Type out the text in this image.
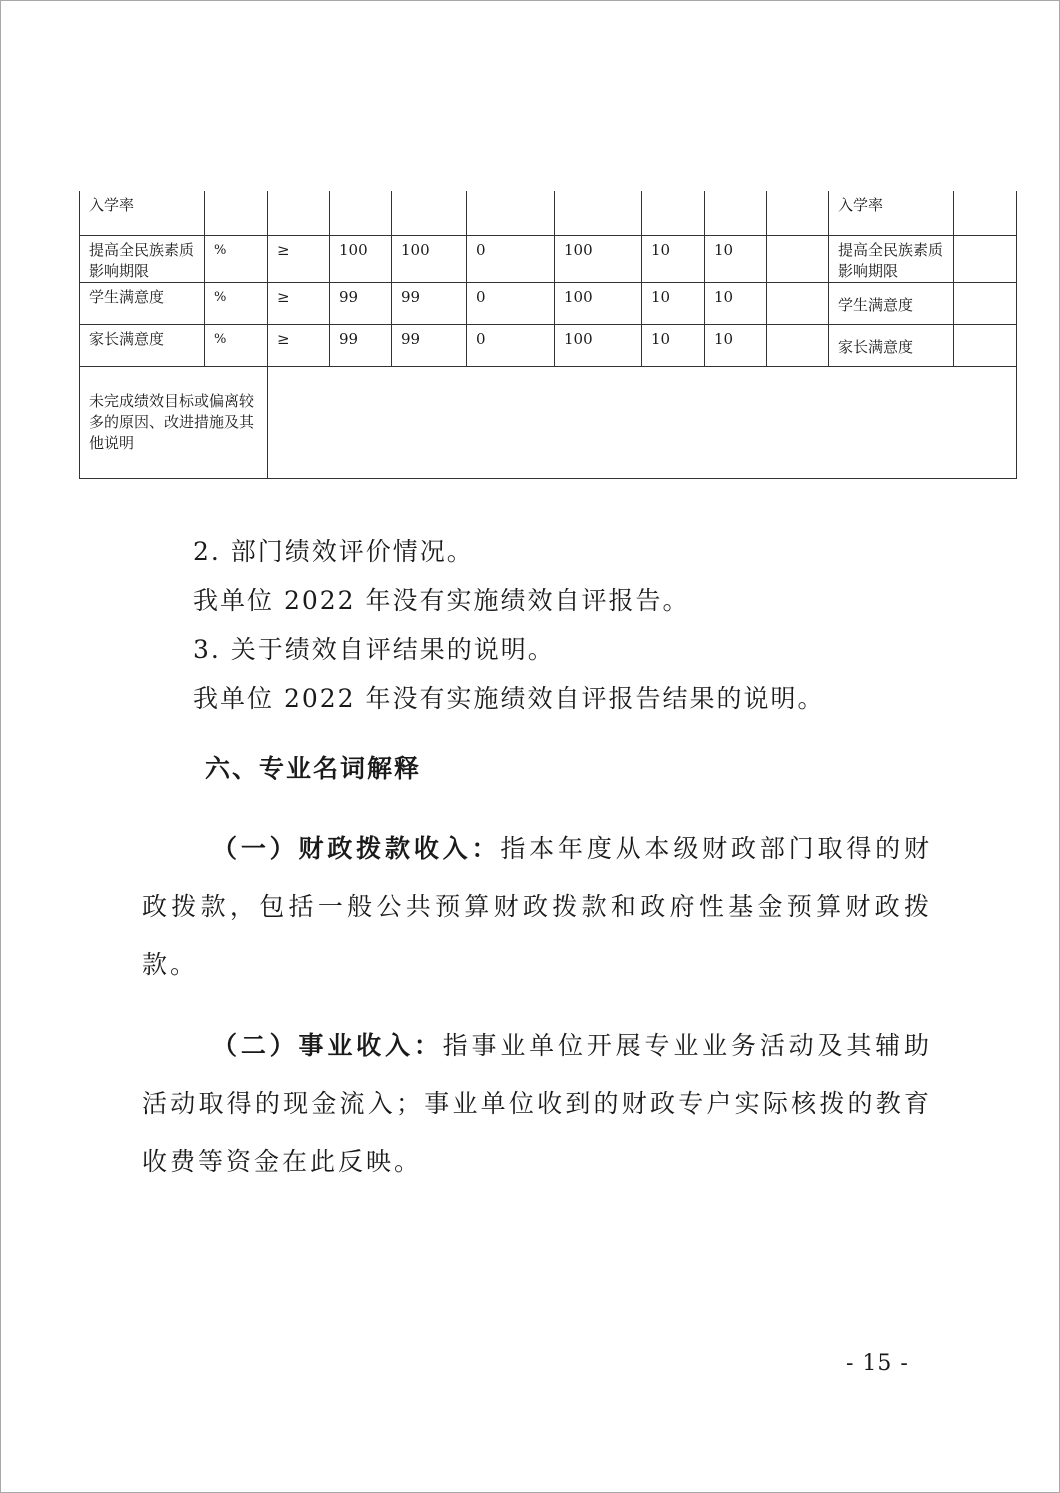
入学率										入学率	
提高全民族素质影响期限	%	≥	100	100	0	100	10	10		提高全民族素质影响期限	
学生满意度	%	≥	99	99	0	100	10	10		学生满意度	
家长满意度	%	≥	99	99	0	100	10	10		家长满意度	
未完成绩效目标或偏离较多的原因、改进措施及其他说明											
2. 部门绩效评价情况。
我单位 2022 年没有实施绩效自评报告。
3. 关于绩效自评结果的说明。
我单位 2022 年没有实施绩效自评报告结果的说明。
六、专业名词解释
（一）财政拨款收入：指本年度从本级财政部门取得的财政拨款，包括一般公共预算财政拨款和政府性基金预算财政拨款。
（二）事业收入：指事业单位开展专业业务活动及其辅助活动取得的现金流入；事业单位收到的财政专户实际核拨的教育收费等资金在此反映。
- 15 -
